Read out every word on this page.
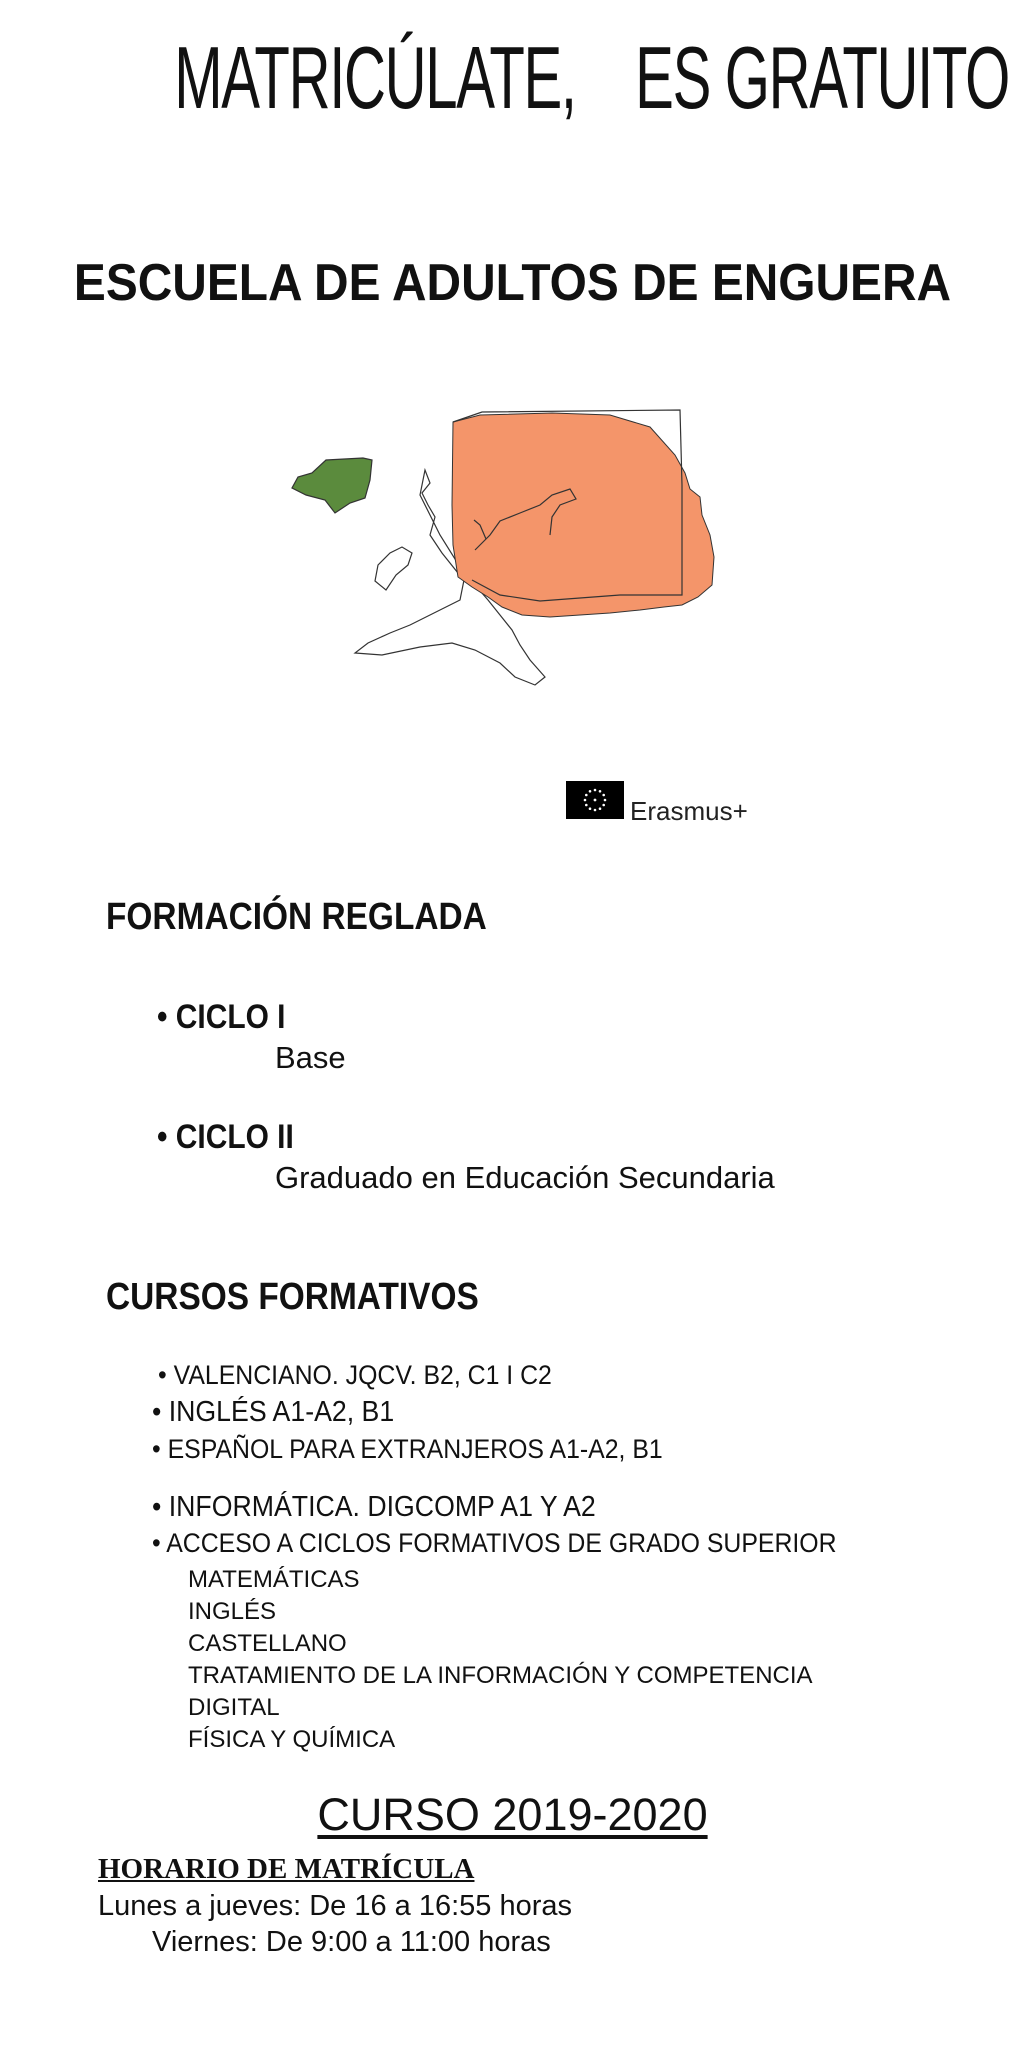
MATRICÚLATE, ES GRATUITO
ESCUELA DE ADULTOS DE ENGUERA
Erasmus+
FORMACIÓN REGLADA
• CICLO I
Base
• CICLO II
Graduado en Educación Secundaria
CURSOS FORMATIVOS
• VALENCIANO. JQCV. B2, C1 I C2
• INGLÉS A1-A2, B1
• ESPAÑOL PARA EXTRANJEROS A1-A2, B1
• INFORMÁTICA. DIGCOMP A1 Y A2
• ACCESO A CICLOS FORMATIVOS DE GRADO SUPERIOR
MATEMÁTICAS
INGLÉS
CASTELLANO
TRATAMIENTO DE LA INFORMACIÓN Y COMPETENCIA
DIGITAL
FÍSICA Y QUÍMICA
CURSO 2019-2020
HORARIO DE MATRÍCULA
Lunes a jueves: De 16 a 16:55 horas
Viernes: De 9:00 a 11:00 horas
